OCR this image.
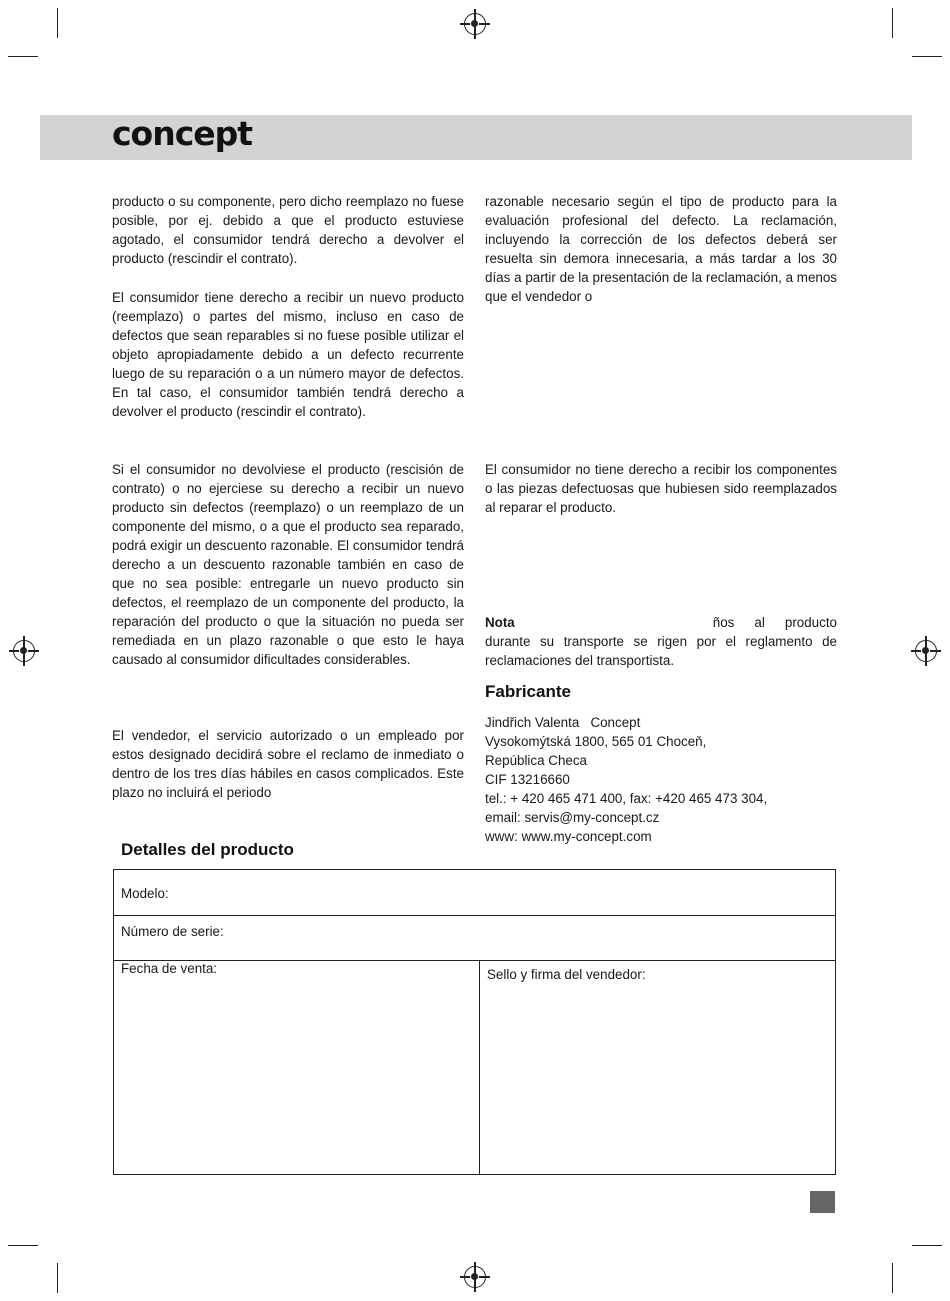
concept

producto o su componente, pero dicho reemplazo no fuese posible, por ej. debido a que el producto estuviese agotado, el consumidor tendrá derecho a devolver el producto (rescindir el contrato).

El consumidor tiene derecho a recibir un nuevo producto (reemplazo) o partes del mismo, incluso en caso de defectos que sean reparables si no fuese posible utilizar el objeto apropiadamente debido a un defecto recurrente luego de su reparación o a un número mayor de defectos. En tal caso, el consumidor también tendrá derecho a devolver el producto (rescindir el contrato).

Si el consumidor no devolviese el producto (rescisión de contrato) o no ejerciese su derecho a recibir un nuevo producto sin defectos (reemplazo) o un reemplazo de un componente del mismo, o a que el producto sea reparado, podrá exigir un descuento razonable. El consumidor tendrá derecho a un descuento razonable también en caso de que no sea posible: entregarle un nuevo producto sin defectos, el reemplazo de un componente del producto, la reparación del producto o que la situación no pueda ser remediada en un plazo razonable o que esto le haya causado al consumidor dificultades considerables.

El vendedor, el servicio autorizado o un empleado por estos designado decidirá sobre el reclamo de inmediato o dentro de los tres días hábiles en casos complicados. Este plazo no incluirá el periodo

razonable necesario según el tipo de producto para la evaluación profesional del defecto. La reclamación, incluyendo la corrección de los defectos deberá ser resuelta sin demora innecesaria, a más tardar a los 30 días a partir de la presentación de la reclamación, a menos que el vendedor o

El consumidor no tiene derecho a recibir los componentes o las piezas defectuosas que hubiesen sido reemplazados al reparar el producto.

Nota	ños al producto durante su transporte se rigen por el reglamento de reclamaciones del transportista.

Fabricante

Jindřich Valenta   Concept
Vysokomýtská 1800, 565 01 Choceň,
República Checa
CIF 13216660
tel.: + 420 465 471 400, fax: +420 465 473 304,
email: servis@my-concept.cz
www: www.my-concept.com

Detalles del producto
Modelo:
Número de serie:
Fecha de venta:	Sello y firma del vendedor:
